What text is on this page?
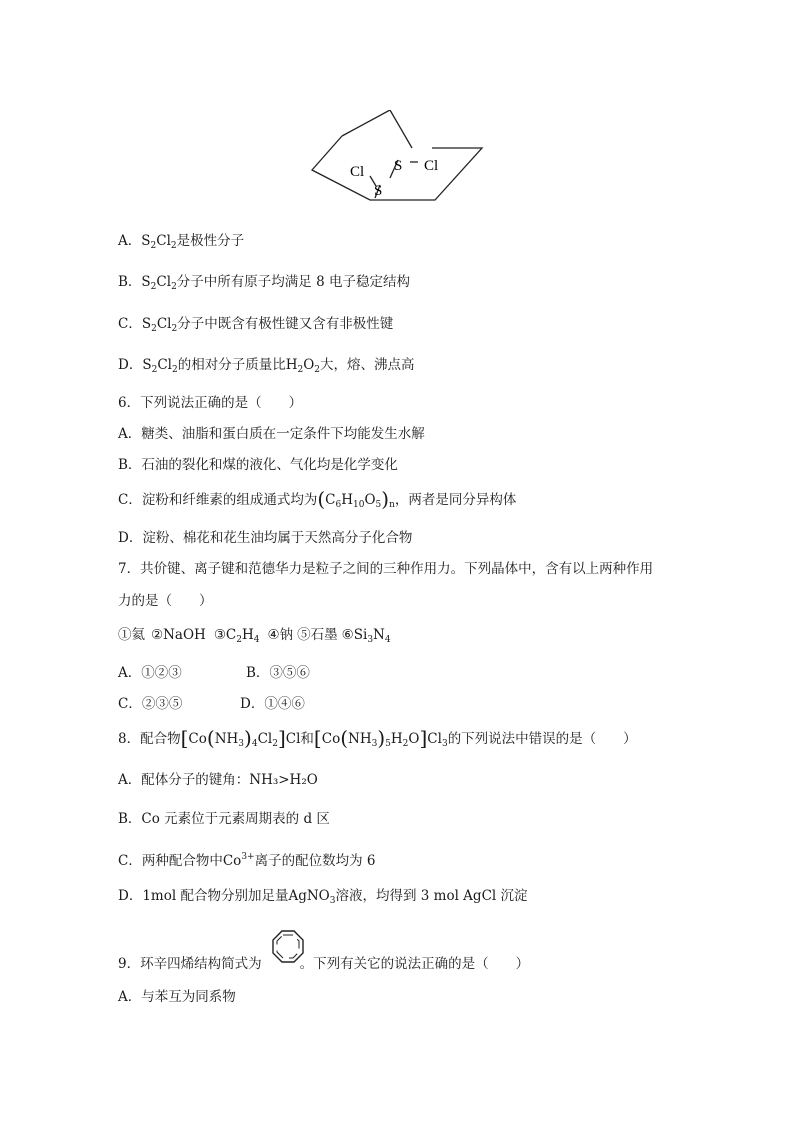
Cl S Cl
S
A．$S_2Cl_2$是极性分子
B．$S_2Cl_2$分子中所有原子均满足 8 电子稳定结构
C．$S_2Cl_2$分子中既含有极性键又含有非极性键
D．$S_2Cl_2$的相对分子质量比$H_2O_2$大，熔、沸点高
6．下列说法正确的是（　　）
A．糖类、油脂和蛋白质在一定条件下均能发生水解
B．石油的裂化和煤的液化、气化均是化学变化
C．淀粉和纤维素的组成通式均为$(C_6H_{10}O_5)_n$，两者是同分异构体
D．淀粉、棉花和花生油均属于天然高分子化合物
7．共价键、离子键和范德华力是粒子之间的三种作用力。下列晶体中，含有以上两种作用
力的是（　　）
①氦 ②NaOH $③C_2H_4$ ④钠 ⑤石墨 $⑥Si_3N_4$
A．①②③	B．③⑤⑥
C．②③⑤	D．①④⑥
8．配合物$[Co(NH_3)_4Cl_2]Cl$和$[Co(NH_3)_5H_2O]Cl_3$的下列说法中错误的是（　　）
A．配体分子的键角：NH₃>H₂O
B．Co 元素位于元素周期表的 d 区
C．两种配合物中$Co^{3+}$离子的配位数均为 6
D．1mol 配合物分别加足量AgNO$_3$溶液，均得到 3 mol AgCl 沉淀
9．环辛四烯结构简式为	。下列有关它的说法正确的是（　　）
A．与苯互为同系物
